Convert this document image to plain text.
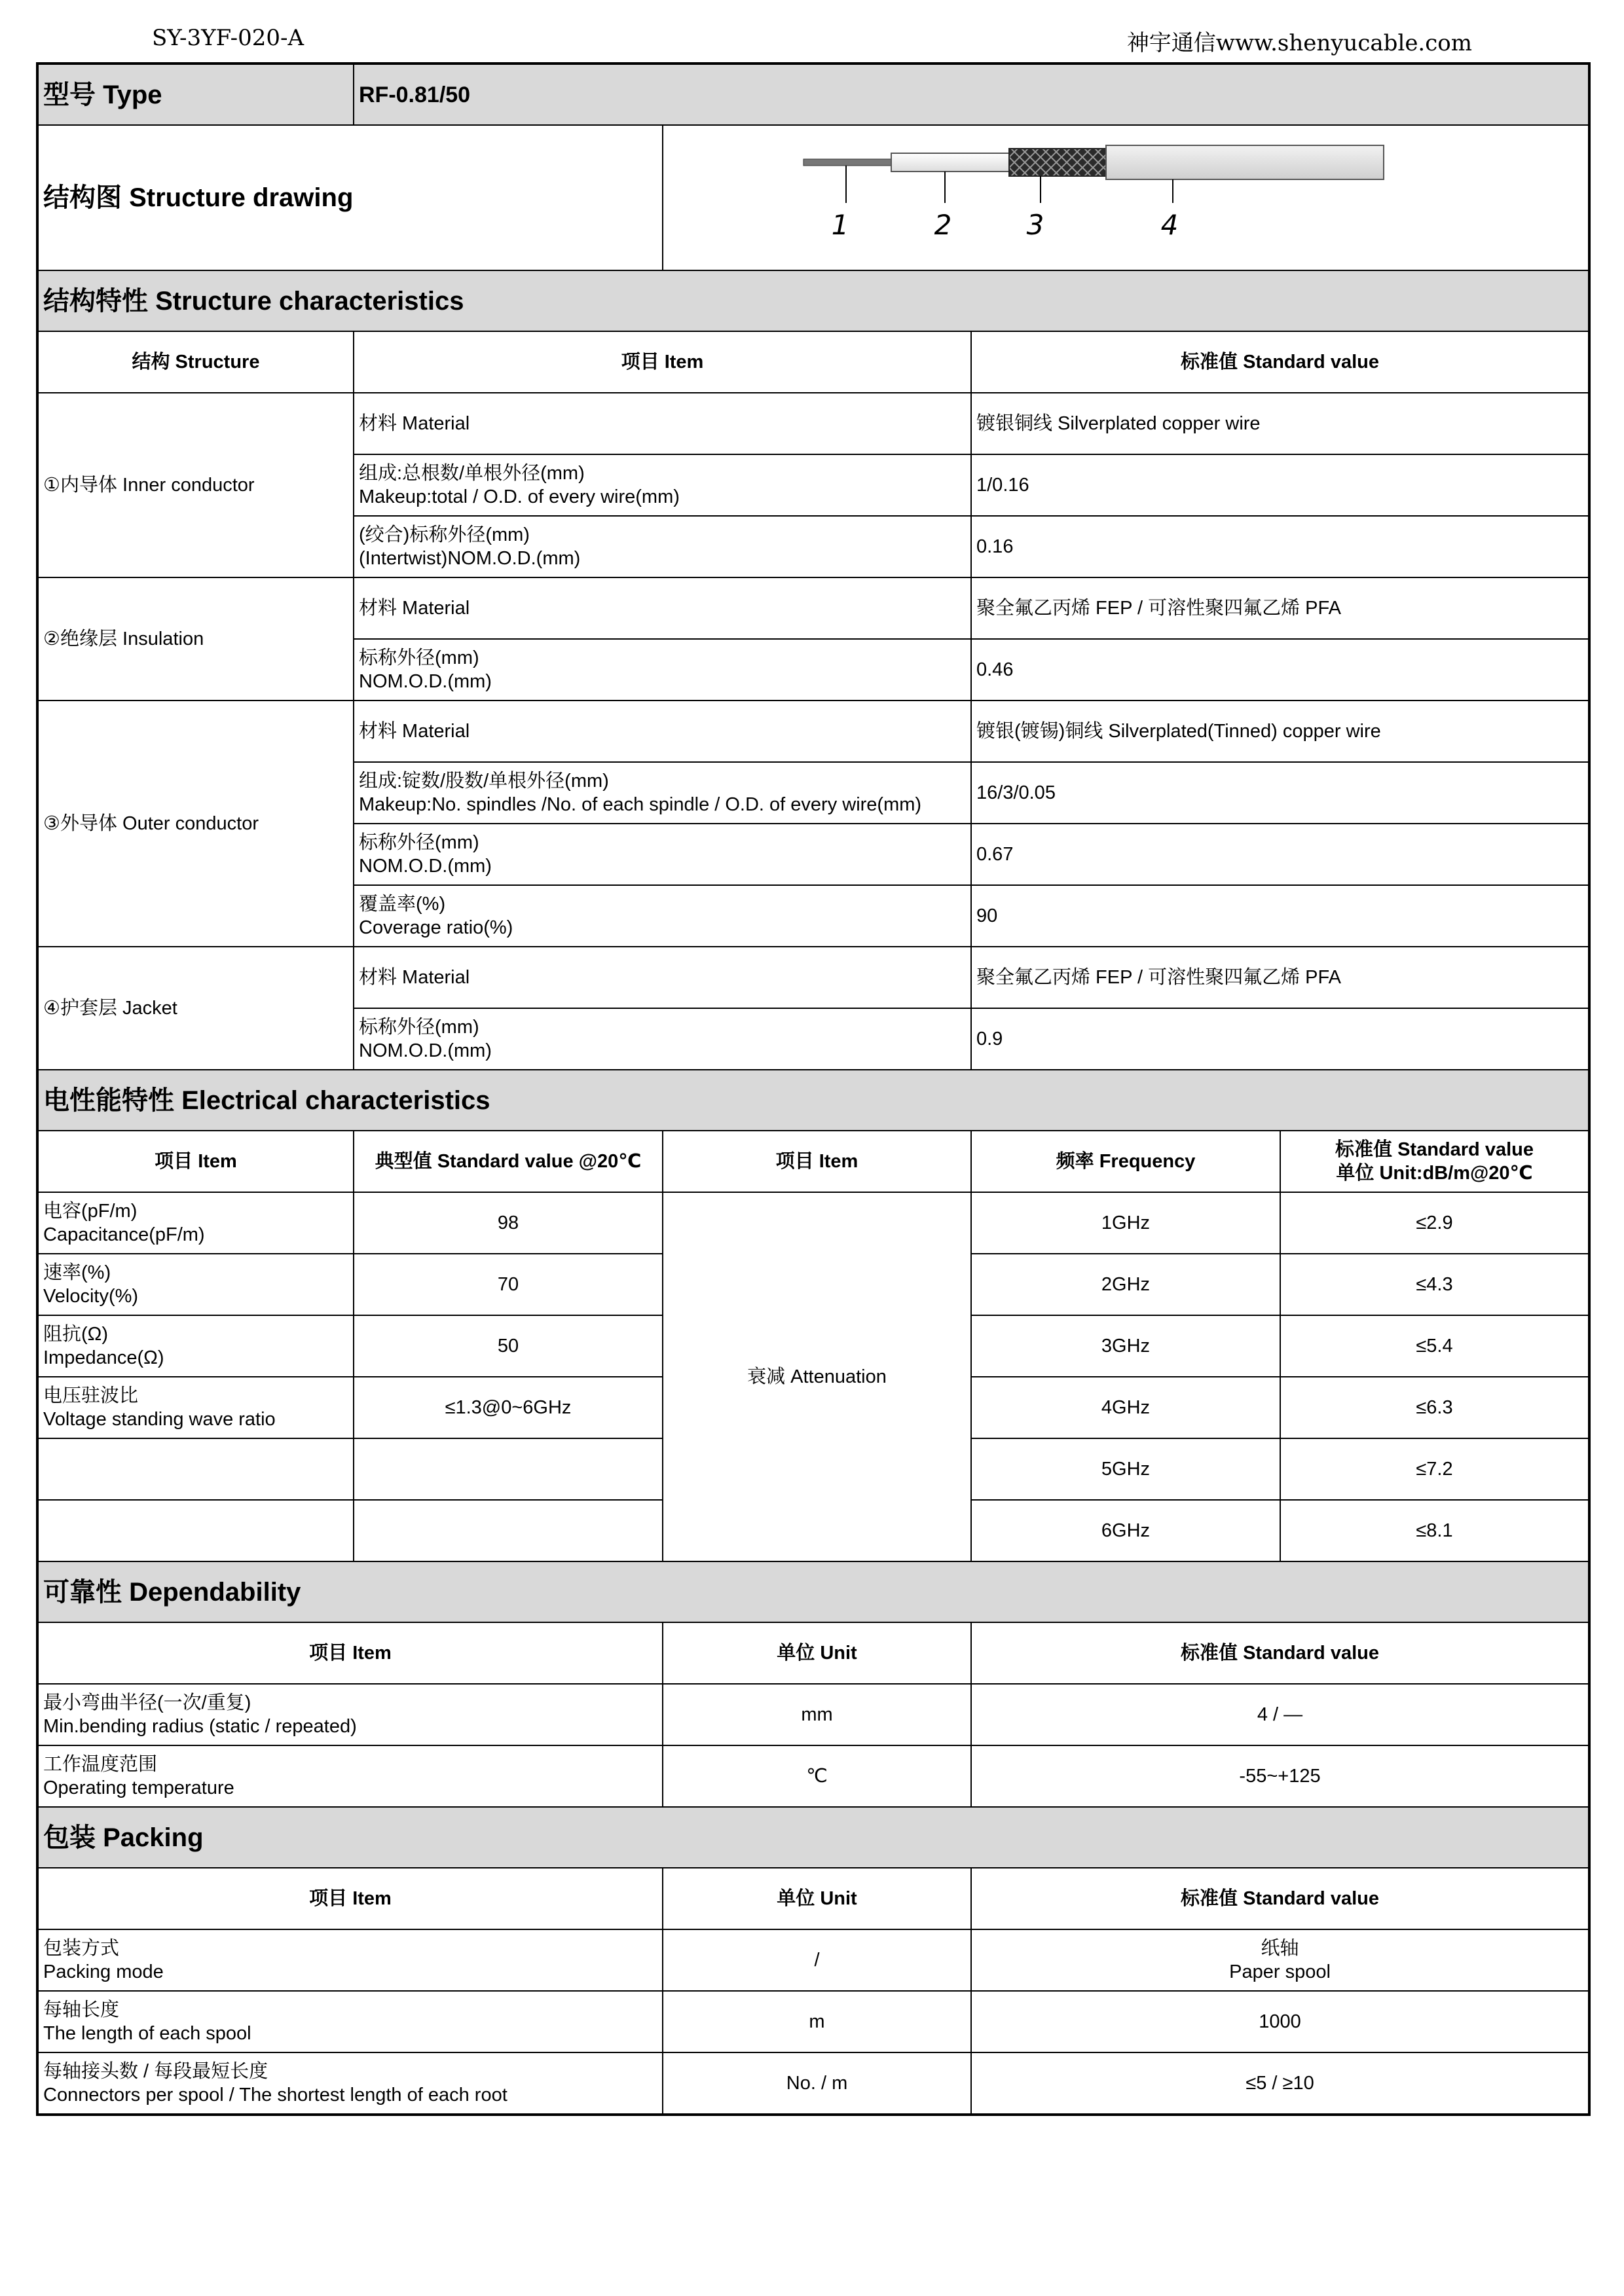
SY-3YF-020-A	神宇通信www.shenyucable.com
型号 Type	RF-0.81/50			
结构图 Structure drawing		1 2 3 4		

结构特性 Structure characteristics				
结构 Structure	项目 Item		标准值 Standard value	
①内导体 Inner conductor	材料 Material		镀银铜线 Silverplated copper wire	

	组成:总根数/单根外径(mm)
Makeup:total / O.D. of every wire(mm)		1/0.16	

	(绞合)标称外径(mm)
(Intertwist)NOM.O.D.(mm)		0.16	
②绝缘层 Insulation	材料 Material		聚全氟乙丙烯 FEP / 可溶性聚四氟乙烯 PFA	

	标称外径(mm)
NOM.O.D.(mm)		0.46	
③外导体 Outer conductor	材料 Material		镀银(镀锡)铜线 Silverplated(Tinned) copper wire	

	组成:锭数/股数/单根外径(mm)
Makeup:No. spindles /No. of each spindle / O.D. of every wire(mm)		16/3/0.05	

	标称外径(mm)
NOM.O.D.(mm)		0.67	

	覆盖率(%)
Coverage ratio(%)		90	
④护套层 Jacket	材料 Material		聚全氟乙丙烯 FEP / 可溶性聚四氟乙烯 PFA	

	标称外径(mm)
NOM.O.D.(mm)		0.9	
电性能特性 Electrical characteristics				
项目 Item	典型值 Standard value @20℃	项目 Item	频率 Frequency	标准值 Standard value
单位 Unit:dB/m@20℃

电容(pF/m)
Capacitance(pF/m)	98	衰减 Attenuation	1GHz	≤2.9

速率(%)
Velocity(%)	70		2GHz	≤4.3

阻抗(Ω)
Impedance(Ω)	50		3GHz	≤5.4

电压驻波比
Voltage standing wave ratio	≤1.3@0~6GHz		4GHz	≤6.3

			5GHz	≤7.2

			6GHz	≤8.1
可靠性 Dependability				
项目 Item		单位 Unit	标准值 Standard value	

最小弯曲半径(一次/重复)
Min.bending radius (static / repeated)		mm	4 / —	

工作温度范围
Operating temperature		℃	-55~+125	

包装 Packing				
项目 Item		单位 Unit	标准值 Standard value	

包装方式
Packing mode		/	纸轴
Paper spool	

每轴长度
The length of each spool		m	1000	

每轴接头数 / 每段最短长度
Connectors per spool / The shortest length of each root		No. / m	≤5 / ≥10	
